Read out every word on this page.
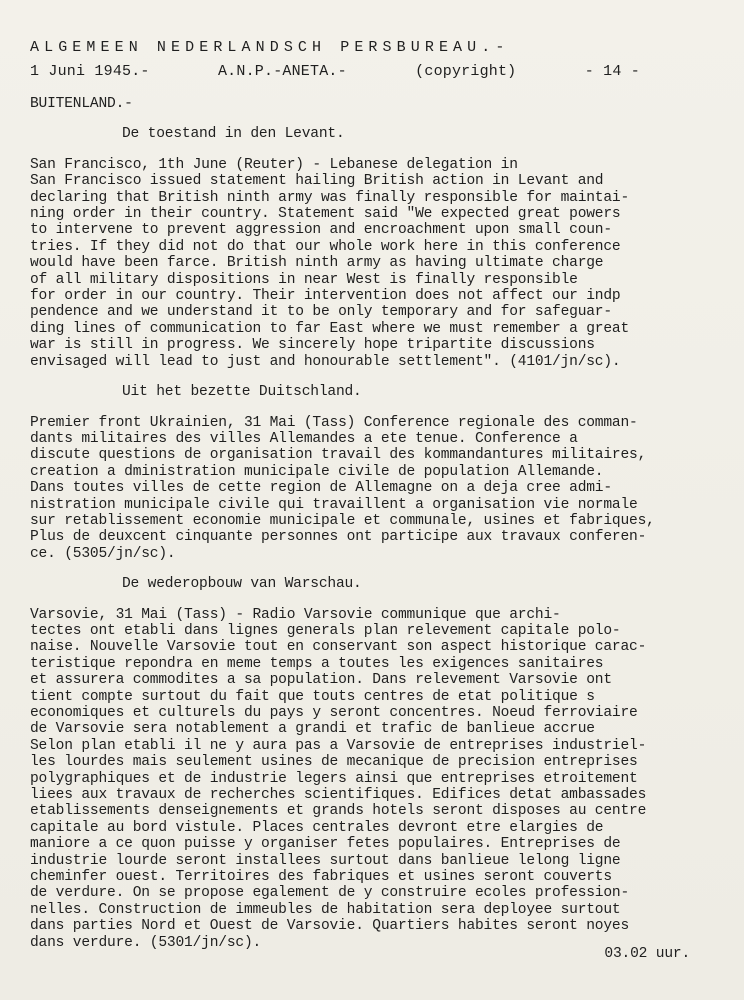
ALGEMEEN NEDERLANDSCH PERSBUREAU.-
1 Juni 1945.-	A.N.P.-ANETA.-	(copyright)	- 14 -
BUITENLAND.-
De toestand in den Levant.
San Francisco, 1th June (Reuter) - Lebanese delegation in
San Francisco issued statement hailing British action in Levant and
declaring that British ninth army was finally responsible for maintai-
ning order in their country. Statement said "We expected great powers
to intervene to prevent aggression and encroachment upon small coun-
tries. If they did not do that our whole work here in this conference
would have been farce. British ninth army as having ultimate charge
of all military dispositions in near West is finally responsible
for order in our country. Their intervention does not affect our indp
pendence and we understand it to be only temporary and for safeguar-
ding lines of communication to far East where we must remember a great
war is still in progress. We sincerely hope tripartite discussions
envisaged will lead to just and honourable settlement". (4101/jn/sc).
Uit het bezette Duitschland.
Premier front Ukrainien, 31 Mai (Tass) Conference regionale des comman-
dants militaires des villes Allemandes a ete tenue. Conference a
discute questions de organisation travail des kommandantures militaires,
creation a dministration municipale civile de population Allemande.
Dans toutes villes de cette region de Allemagne on a deja cree admi-
nistration municipale civile qui travaillent a organisation vie normale
sur retablissement economie municipale et communale, usines et fabriques,
Plus de deuxcent cinquante personnes ont participe aux travaux conferen-
ce. (5305/jn/sc).
De wederopbouw van Warschau.
Varsovie, 31 Mai (Tass) - Radio Varsovie communique que archi-
tectes ont etabli dans lignes generals plan relevement capitale polo-
naise. Nouvelle Varsovie tout en conservant son aspect historique carac-
teristique repondra en meme temps a toutes les exigences sanitaires
et assurera commodites a sa population. Dans relevement Varsovie ont
tient compte surtout du fait que touts centres de etat politique s
economiques et culturels du pays y seront concentres. Noeud ferroviaire
de Varsovie sera notablement a grandi et trafic de banlieue accrue
Selon plan etabli il ne y aura pas a Varsovie de entreprises industriel-
les lourdes mais seulement usines de mecanique de precision entreprises
polygraphiques et de industrie legers ainsi que entreprises etroitement
liees aux travaux de recherches scientifiques. Edifices detat ambassades
etablissements denseignements et grands hotels seront disposes au centre
capitale au bord vistule. Places centrales devront etre elargies de
maniore a ce quon puisse y organiser fetes populaires. Entreprises de
industrie lourde seront installees surtout dans banlieue lelong ligne
cheminfer ouest. Territoires des fabriques et usines seront couverts
de verdure. On se propose egalement de y construire ecoles profession-
nelles. Construction de immeubles de habitation sera deployee surtout
dans parties Nord et Ouest de Varsovie. Quartiers habites seront noyes
dans verdure. (5301/jn/sc).
03.02 uur.
